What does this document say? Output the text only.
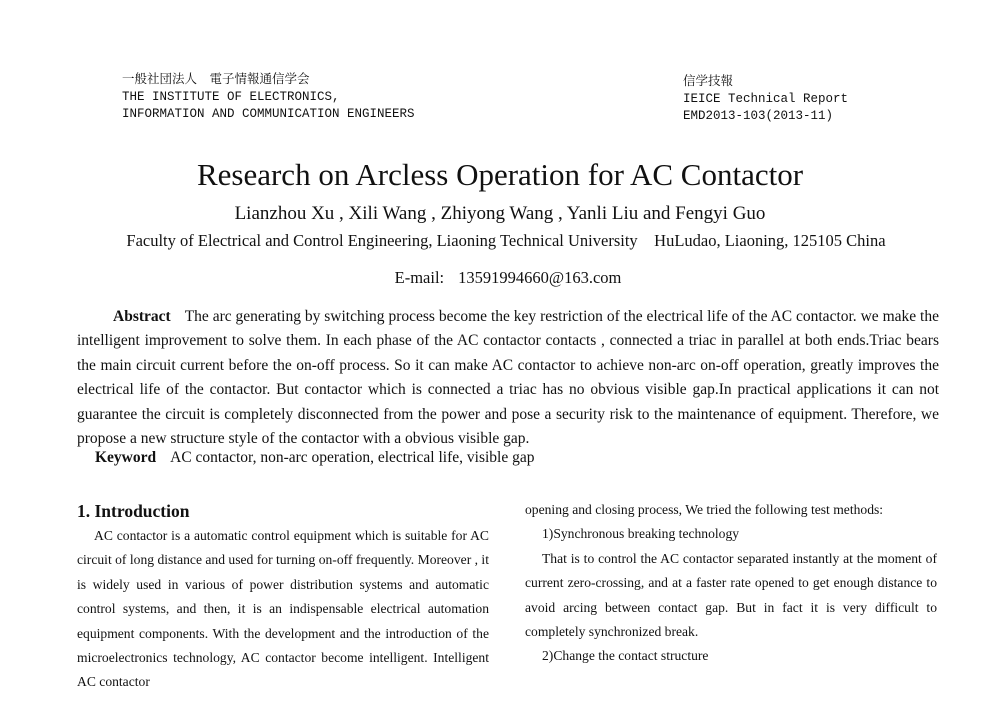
一般社団法人　電子情報通信学会
THE INSTITUTE OF ELECTRONICS,
INFORMATION AND COMMUNICATION ENGINEERS
信学技報
IEICE Technical Report
EMD2013-103(2013-11)
Research on Arcless Operation for AC Contactor
Lianzhou Xu , Xili Wang , Zhiyong Wang , Yanli Liu and Fengyi Guo
Faculty of Electrical and Control Engineering, Liaoning Technical University    HuLudao, Liaoning, 125105 China
E-mail: 13591994660@163.com

Abstract The arc generating by switching process become the key restriction of the electrical life of the AC contactor. we make the intelligent improvement to solve them. In each phase of the AC contactor contacts , connected a triac in parallel at both ends.Triac bears the main circuit current before the on-off process. So it can make AC contactor to achieve non-arc on-off operation, greatly improves the electrical life of the contactor. But contactor which is connected a triac has no obvious visible gap.In practical applications it can not guarantee the circuit is completely disconnected from the power and pose a security risk to the maintenance of equipment. Therefore, we propose a new structure style of the contactor with a obvious visible gap.

Keyword AC contactor, non-arc operation, electrical life, visible gap
1. Introduction
AC contactor is a automatic control equipment which is suitable for AC circuit of long distance and used for turning on-off frequently. Moreover , it is widely used in various of power distribution systems and automatic control systems, and then, it is an indispensable electrical automation equipment components. With the development and the introduction of the microelectronics technology, AC contactor become intelligent. Intelligent AC contactor
opening and closing process, We tried the following test methods:
1)Synchronous breaking technology
That is to control the AC contactor separated instantly at the moment of current zero-crossing, and at a faster rate opened to get enough distance to avoid arcing between contact gap. But in fact it is very difficult to completely synchronized break.
2)Change the contact structure
